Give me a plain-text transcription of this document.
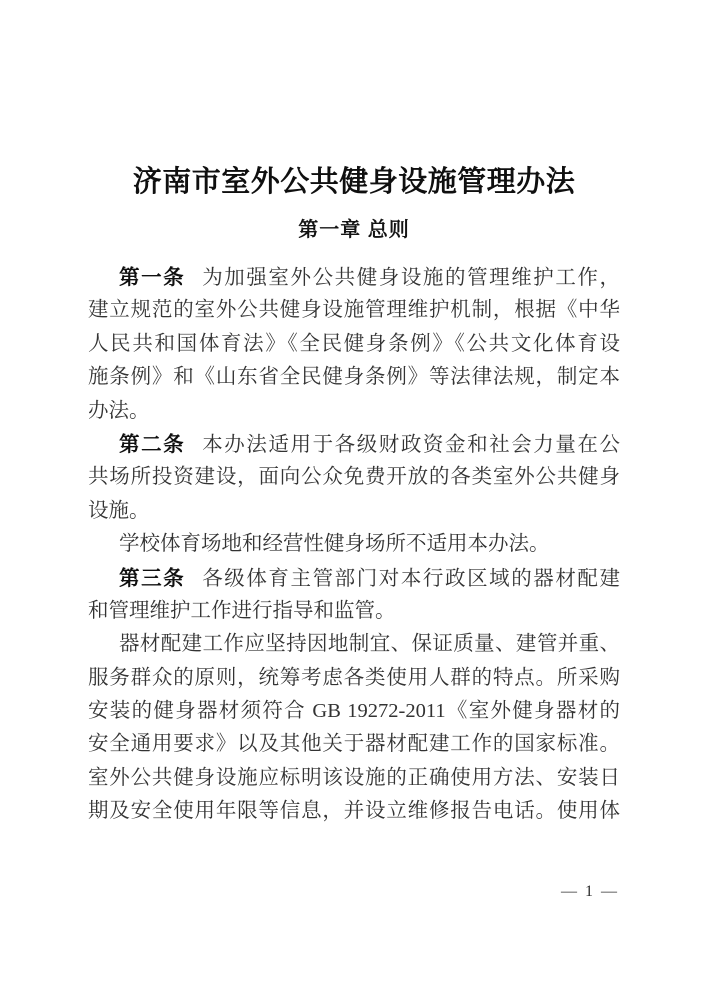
济南市室外公共健身设施管理办法
第一章 总则
第一条 为加强室外公共健身设施的管理维护工作，
建立规范的室外公共健身设施管理维护机制，根据《中华
人民共和国体育法》《全民健身条例》《公共文化体育设
施条例》和《山东省全民健身条例》等法律法规，制定本
办法。
第二条 本办法适用于各级财政资金和社会力量在公
共场所投资建设，面向公众免费开放的各类室外公共健身
设施。
学校体育场地和经营性健身场所不适用本办法。
第三条 各级体育主管部门对本行政区域的器材配建
和管理维护工作进行指导和监管。
器材配建工作应坚持因地制宜、保证质量、建管并重、
服务群众的原则，统筹考虑各类使用人群的特点。所采购
安装的健身器材须符合 GB 19272-2011《室外健身器材的
安全通用要求》以及其他关于器材配建工作的国家标准。
室外公共健身设施应标明该设施的正确使用方法、安装日
期及安全使用年限等信息，并设立维修报告电话。使用体
— 1 —
